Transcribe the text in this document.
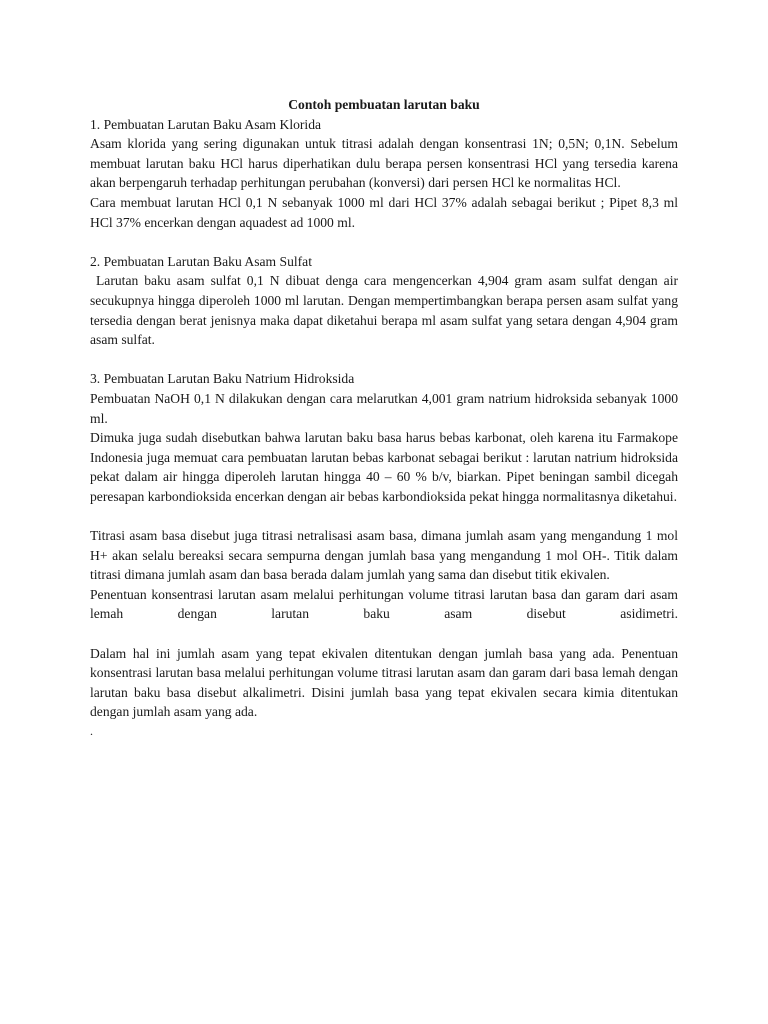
Contoh pembuatan larutan baku

1. Pembuatan Larutan Baku Asam Klorida

Asam klorida yang sering digunakan untuk titrasi adalah dengan konsentrasi 1N; 0,5N; 0,1N. Sebelum membuat larutan baku HCl harus diperhatikan dulu berapa persen konsentrasi HCl yang tersedia karena akan berpengaruh terhadap perhitungan perubahan (konversi) dari persen HCl ke normalitas HCl.

Cara membuat larutan HCl 0,1 N sebanyak 1000 ml dari HCl 37% adalah sebagai berikut ; Pipet 8,3 ml HCl 37% encerkan dengan aquadest ad 1000 ml.

2. Pembuatan Larutan Baku Asam Sulfat

Larutan baku asam sulfat 0,1 N dibuat denga cara mengencerkan 4,904 gram asam sulfat dengan air secukupnya hingga diperoleh 1000 ml larutan. Dengan mempertimbangkan berapa persen asam sulfat yang tersedia dengan berat jenisnya maka dapat diketahui berapa ml asam sulfat yang setara dengan 4,904 gram asam sulfat.

3. Pembuatan Larutan Baku Natrium Hidroksida

Pembuatan NaOH 0,1 N dilakukan dengan cara melarutkan 4,001 gram natrium hidroksida sebanyak 1000 ml.

Dimuka juga sudah disebutkan bahwa larutan baku basa harus bebas karbonat, oleh karena itu Farmakope Indonesia juga memuat cara pembuatan larutan bebas karbonat sebagai berikut : larutan natrium hidroksida pekat dalam air hingga diperoleh larutan hingga 40 – 60 % b/v, biarkan. Pipet beningan sambil dicegah peresapan karbondioksida encerkan dengan air bebas karbondioksida pekat hingga normalitasnya diketahui.

Titrasi asam basa disebut juga titrasi netralisasi asam basa, dimana jumlah asam yang mengandung 1 mol H+ akan selalu bereaksi secara sempurna dengan jumlah basa yang mengandung 1 mol OH-. Titik dalam titrasi dimana jumlah asam dan basa berada dalam jumlah yang sama dan disebut titik ekivalen.

Penentuan konsentrasi larutan asam melalui perhitungan volume titrasi larutan basa dan garam dari asam lemah dengan larutan baku asam disebut asidimetri.

Dalam hal ini jumlah asam yang tepat ekivalen ditentukan dengan jumlah basa yang ada. Penentuan konsentrasi larutan basa melalui perhitungan volume titrasi larutan asam dan garam dari basa lemah dengan larutan baku basa disebut alkalimetri. Disini jumlah basa yang tepat ekivalen secara kimia ditentukan dengan jumlah asam yang ada.

.
